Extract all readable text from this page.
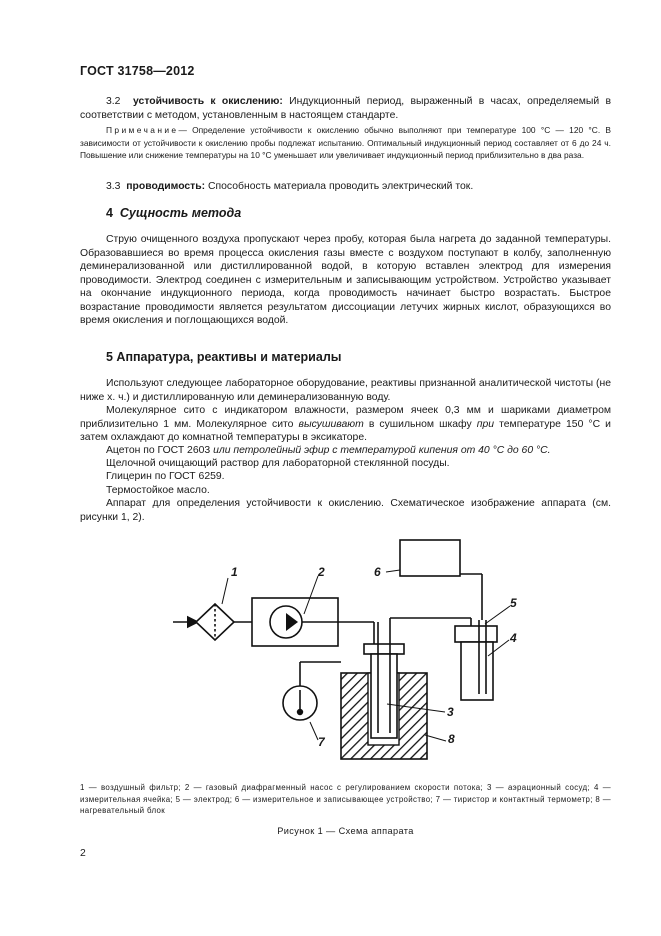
ГОСТ 31758—2012

3.2 устойчивость к окислению: Индукционный период, выраженный в часах, определяемый в соответствии с методом, установленным в настоящем стандарте.

Примечание— Определение устойчивости к окислению обычно выполняют при температуре 100 °С — 120 °С. В зависимости от устойчивости к окислению пробы подлежат испытанию. Оптимальный индукционный период составляет от 6 до 24 ч. Повышение или снижение температуры на 10 °С уменьшает или увеличивает индукционный период приблизительно в два раза.

3.3 проводимость: Способность материала проводить электрический ток.

4 Сущность метода

Струю очищенного воздуха пропускают через пробу, которая была нагрета до заданной температуры. Образовавшиеся во время процесса окисления газы вместе с воздухом поступают в колбу, заполненную деминерализованной или дистиллированной водой, в которую вставлен электрод для измерения проводимости. Электрод соединен с измерительным и записывающим устройством. Устройство указывает на окончание индукционного периода, когда проводимость начинает быстро возрастать. Быстрое возрастание проводимости является результатом диссоциации летучих жирных кислот, образующихся во время окисления и поглощающихся водой.

5 Аппаратура, реактивы и материалы

Используют следующее лабораторное оборудование, реактивы признанной аналитической чистоты (не ниже х. ч.) и дистиллированную или деминерализованную воду.

Молекулярное сито с индикатором влажности, размером ячеек 0,3 мм и шариками диаметром приблизительно 1 мм. Молекулярное сито высушивают в сушильном шкафу при температуре 150 °С и затем охлаждают до комнатной температуры в эксикаторе.

Ацетон по ГОСТ 2603 или петролейный эфир с температурой кипения от 40 °С до 60 °С.
Щелочной очищающий раствор для лабораторной стеклянной посуды.
Глицерин по ГОСТ 6259.
Термостойкое масло.

Аппарат для определения устойчивости к окислению. Схематическое изображение аппарата (см. рисунки 1, 2).

1	2
3
4
5
6
7	8

1 — воздушный фильтр; 2 — газовый диафрагменный насос с регулированием скорости потока; 3 — аэрационный сосуд; 4 — измерительная ячейка; 5 — электрод; 6 — измерительное и записывающее устройство; 7 — тиристор и контактный термометр; 8 — нагревательный блок

Рисунок 1 — Схема аппарата
2
